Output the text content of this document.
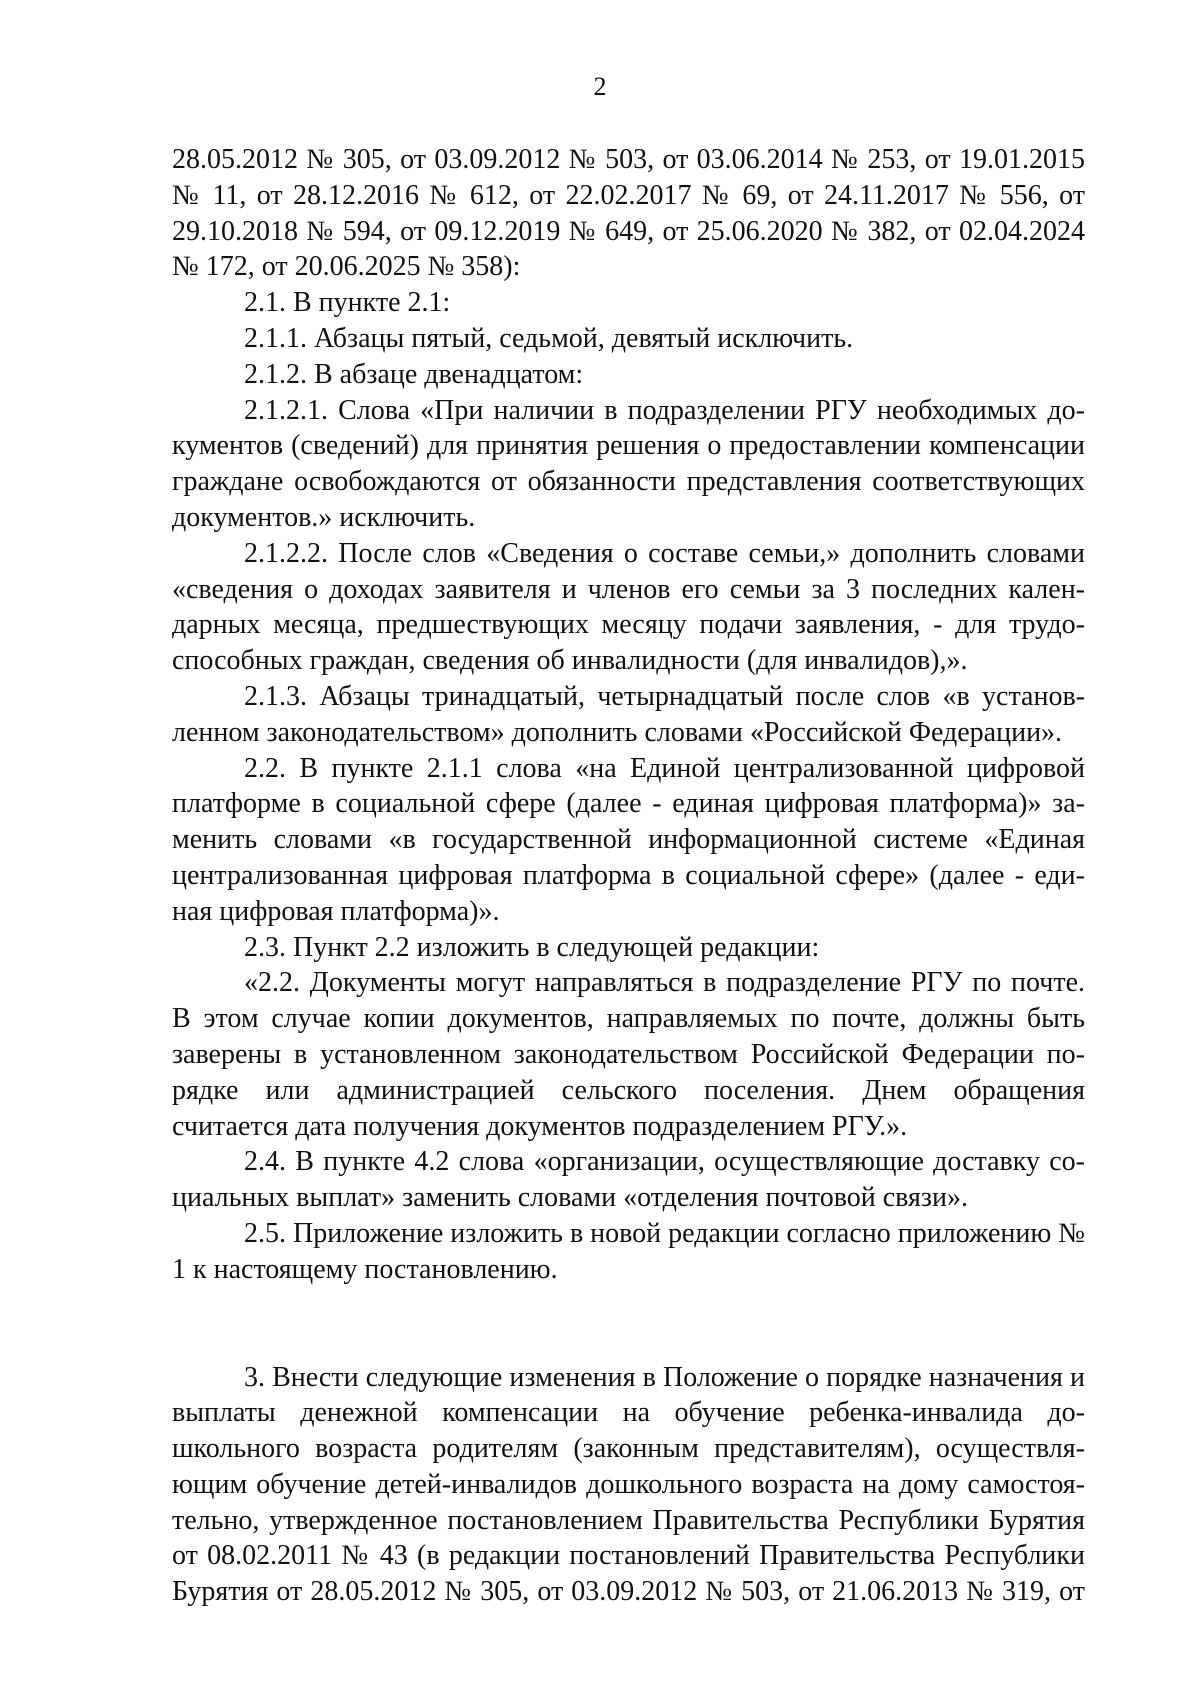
2

28.05.2012 № 305, от 03.09.2012 № 503, от 03.06.2014 № 253, от 19.01.2015 № 11, от 28.12.2016 № 612, от 22.02.2017 № 69, от 24.11.2017 № 556, от 29.10.2018 № 594, от 09.12.2019 № 649, от 25.06.2020 № 382, от 02.04.2024 № 172, от 20.06.2025 № 358):

2.1. В пункте 2.1:

2.1.1. Абзацы пятый, седьмой, девятый исключить.

2.1.2. В абзаце двенадцатом:

2.1.2.1. Слова «При наличии в подразделении РГУ необходимых документов (сведений) для принятия решения о предоставлении компенсации граждане освобождаются от обязанности представления соответствующих документов.» исключить.

2.1.2.2. После слов «Сведения о составе семьи,» дополнить словами «сведения о доходах заявителя и членов его семьи за 3 последних календарных месяца, предшествующих месяцу подачи заявления, - для трудоспособных граждан, сведения об инвалидности (для инвалидов),».

2.1.3. Абзацы тринадцатый, четырнадцатый после слов «в установленном законодательством» дополнить словами «Российской Федерации».

2.2. В пункте 2.1.1 слова «на Единой централизованной цифровой платформе в социальной сфере (далее - единая цифровая платформа)» заменить словами «в государственной информационной системе «Единая централизованная цифровая платформа в социальной сфере» (далее - единая цифровая платформа)».

2.3. Пункт 2.2 изложить в следующей редакции:

«2.2. Документы могут направляться в подразделение РГУ по почте. В этом случае копии документов, направляемых по почте, должны быть заверены в установленном законодательством Российской Федерации порядке или администрацией сельского поселения. Днем обращения считается дата получения документов подразделением РГУ.».

2.4. В пункте 4.2 слова «организации, осуществляющие доставку социальных выплат» заменить словами «отделения почтовой связи».

2.5. Приложение изложить в новой редакции согласно приложению № 1 к настоящему постановлению.

3. Внести следующие изменения в Положение о порядке назначения и выплаты денежной компенсации на обучение ребенка-инвалида дошкольного возраста родителям (законным представителям), осуществляющим обучение детей-инвалидов дошкольного возраста на дому самостоятельно, утвержденное постановлением Правительства Республики Бурятия от 08.02.2011 № 43 (в редакции постановлений Правительства Республики Бурятия от 28.05.2012 № 305, от 03.09.2012 № 503, от 21.06.2013 № 319, от
